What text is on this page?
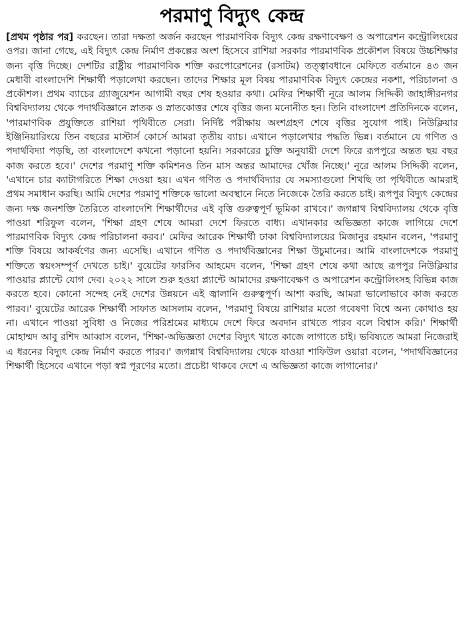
পরমাণু বিদ্যুৎ কেন্দ্র

[প্রথম পৃষ্ঠার পর] করছেন। তারা দক্ষতা অর্জন করছেন পারমাণবিক বিদ্যুৎ কেন্দ্র রক্ষণাবেক্ষণ ও অপারেশন কন্ট্রোলিংয়ের ওপর। জানা গেছে, এই বিদ্যুৎ কেন্দ্র নির্মাণ প্রকল্পের অংশ হিসেবে রাশিয়া সরকার পারমাণবিক প্রকৌশল বিষয়ে উচ্চশিক্ষার জন্য বৃত্তি দিচ্ছে। দেশটির রাষ্ট্রীয় পারমাণবিক শক্তি করপোরেশনের (রসাটম) তত্ত্বাবধানে মেফিতে বর্তমানে ৪৩ জন মেধাবী বাংলাদেশি শিক্ষার্থী পড়ালেখা করছেন। তাদের শিক্ষার মূল বিষয় পারমাণবিক বিদ্যুৎ কেন্দ্রের নকশা, পরিচালনা ও প্রকৌশল। প্রথম ব্যাচের গ্র্যাজুয়েশন আগামী বছর শেষ হওয়ার কথা। মেফির শিক্ষার্থী নূরে আলম সিদ্দিকী জাহাঙ্গীরনগর বিশ্ববিদ্যালয় থেকে পদার্থবিজ্ঞানে স্নাতক ও স্নাতকোত্তর শেষে বৃত্তির জন্য মনোনীত হন। তিনি বাংলাদেশ প্রতিদিনকে বলেন, 'পারমাণবিক প্রযুক্তিতে রাশিয়া পৃথিবীতে সেরা। নির্দিষ্ট পরীক্ষায় অংশগ্রহণ শেষে বৃত্তির সুযোগ পাই। নিউক্লিয়ার ইঞ্জিনিয়ারিংয়ে তিন বছরের মাস্টার্স কোর্সে আমরা তৃতীয় ব্যাচ। এখানে পড়ালেখার পদ্ধতি ভিন্ন। বর্তমানে যে গণিত ও পদার্থবিদ্যা পড়ছি, তা বাংলাদেশে কখনো পড়ানো হয়নি। সরকারের চুক্তি অনুযায়ী দেশে ফিরে রূপপুরে অন্তত ছয় বছর কাজ করতে হবে।' দেশের পরমাণু শক্তি কমিশনও তিন মাস অন্তর আমাদের খোঁজ নিচ্ছে।' নূরে আলম সিদ্দিকী বলেন, 'এখানে চার ক্যাটাগরিতে শিক্ষা দেওয়া হয়। এখন গণিত ও পদার্থবিদ্যার যে সমস্যাগুলো শিখছি তা পৃথিবীতে আমরাই প্রথম সমাধান করছি। আমি দেশের পরমাণু শক্তিকে ভালো অবস্থানে নিতে নিজেকে তৈরি করতে চাই। রূপপুর বিদ্যুৎ কেন্দ্রের জন্য দক্ষ জনশক্তি তৈরিতে বাংলাদেশি শিক্ষার্থীদের এই বৃত্তি গুরুত্বপূর্ণ ভূমিকা রাখবে।' জগন্নাথ বিশ্ববিদ্যালয় থেকে বৃত্তি পাওয়া শরিফুল বলেন, 'শিক্ষা গ্রহণ শেষে আমরা দেশে ফিরতে বাধ্য। এখানকার অভিজ্ঞতা কাজে লাগিয়ে দেশে পারমাণবিক বিদ্যুৎ কেন্দ্র পরিচালনা করব।' মেফির আরেক শিক্ষার্থী ঢাকা বিশ্ববিদ্যালয়ের মিজানুর রহমান বলেন, 'পরমাণু শক্তি বিষয়ে আকর্ষণের জন্য এসেছি। এখানে গণিত ও পদার্থবিজ্ঞানের শিক্ষা উচুমানের। আমি বাংলাদেশকে পরমাণু শক্তিতে স্বয়ংসম্পূর্ণ দেখতে চাই।' বুয়েটের ফারসিব আহমেদ বলেন, 'শিক্ষা গ্রহণ শেষে কথা আছে রূপপুর নিউক্লিয়ার পাওয়ার প্ল্যান্টে যোগ দেব। ২০২২ সালে শুরু হওয়া প্ল্যান্টে আমাদের রক্ষণাবেক্ষণ ও অপারেশন কন্ট্রোলিংসহ বিভিন্ন কাজ করতে হবে। কোনো সন্দেহ নেই দেশের উন্নয়নে এই জ্বালানি গুরুত্বপূর্ণ। আশা করছি, আমরা ভালোভাবে কাজ করতে পারব।' বুয়েটের আরেক শিক্ষার্থী সাফাত আসলাম বলেন, 'পরমাণু বিষয়ে রাশিয়ার মতো গবেষণা বিশ্বে অন্য কোথাও হয় না। এখানে পাওয়া সুবিধা ও নিজের পরিশ্রমের মাধ্যমে দেশে ফিরে অবদান রাখতে পারব বলে বিশ্বাস করি।' শিক্ষার্থী মোহাম্মদ আবু রশিদ আব্বাস বলেন, 'শিক্ষা-অভিজ্ঞতা দেশের বিদ্যুৎ খাতে কাজে লাগাতে চাই। ভবিষ্যতে আমরা নিজেরাই এ ধরনের বিদ্যুৎ কেন্দ্র নির্মাণ করতে পারব।' জগন্নাথ বিশ্ববিদ্যালয় থেকে যাওয়া শাফিউল ওয়ারা বলেন, 'পদার্থবিজ্ঞানের শিক্ষার্থী হিসেবে এখানে পড়া স্বপ্ন পূরণের মতো। প্রচেষ্টা থাকবে দেশে এ অভিজ্ঞতা কাজে লাগানোর।'
